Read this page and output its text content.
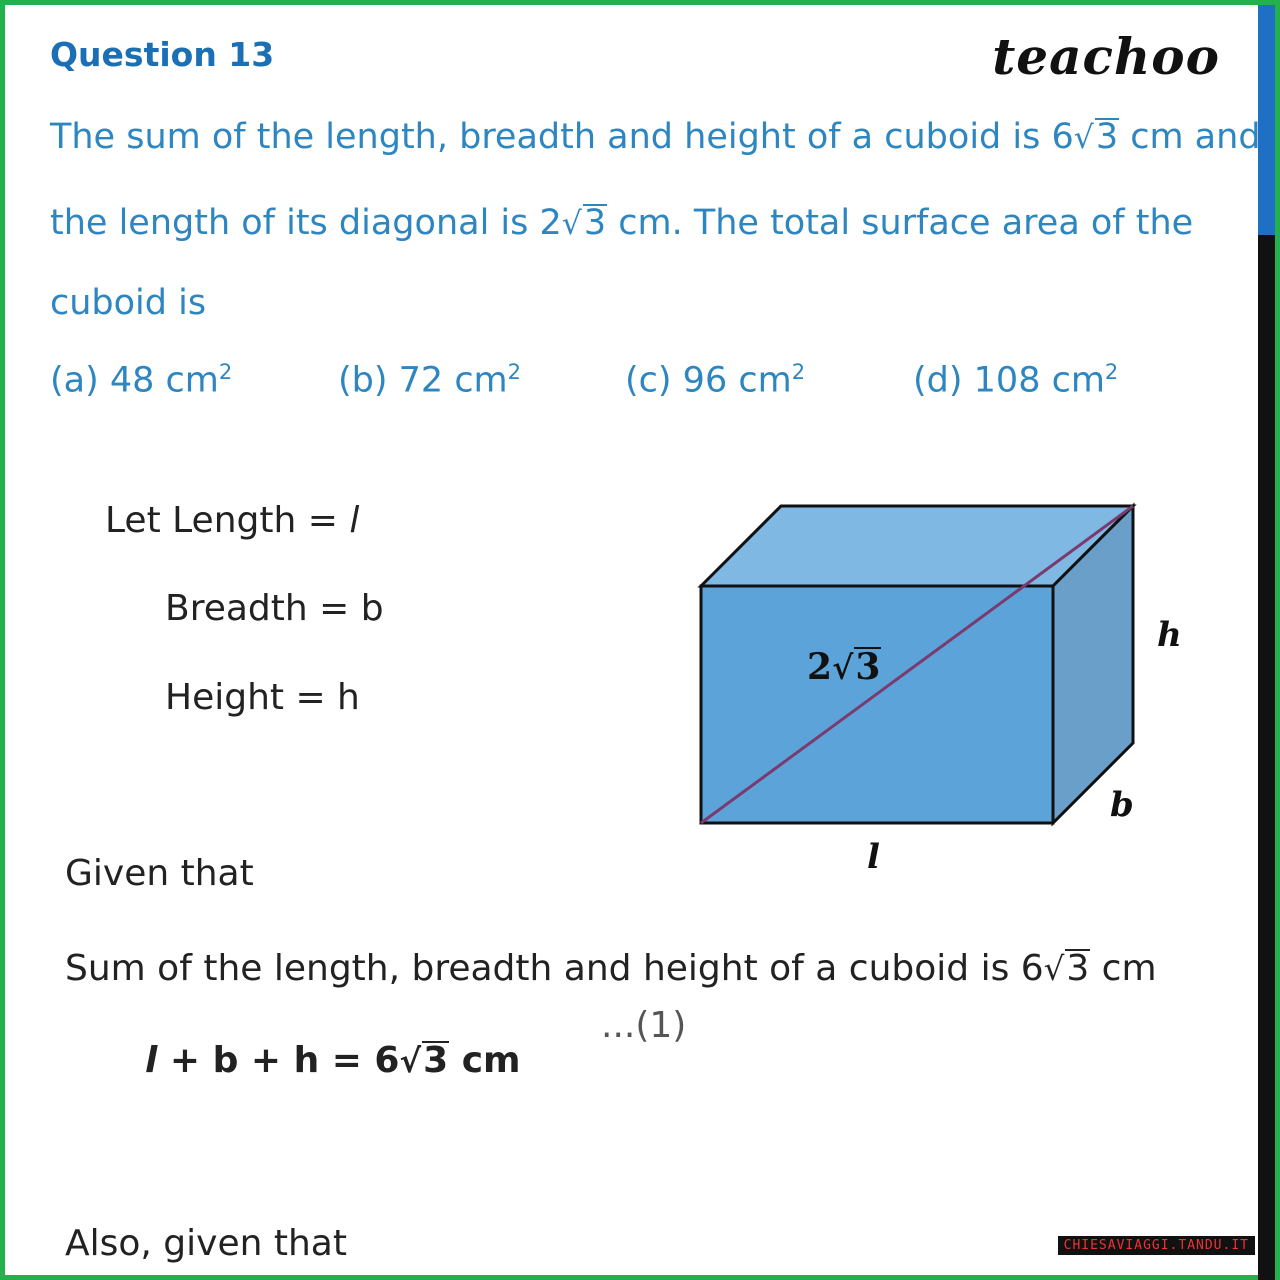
Question 13	teachoo
The sum of the length, breadth and height of a cuboid is 6√3 cm and
the length of its diagonal is 2√3 cm. The total surface area of the
cuboid is
(a) 48 $cm^2$	(b) 72 $cm^2$	(c) 96 $cm^2$	(d) 108 $cm^2$
Let Length = l
Breadth = b
Height = h
Given that
Sum of the length, breadth and height of a cuboid is 6√3 cm
...(1)
l + b + h = 6√3 cm
Also, given that
2√3
h
b
l
CHIESAVIAGGI.TANDU.IT
